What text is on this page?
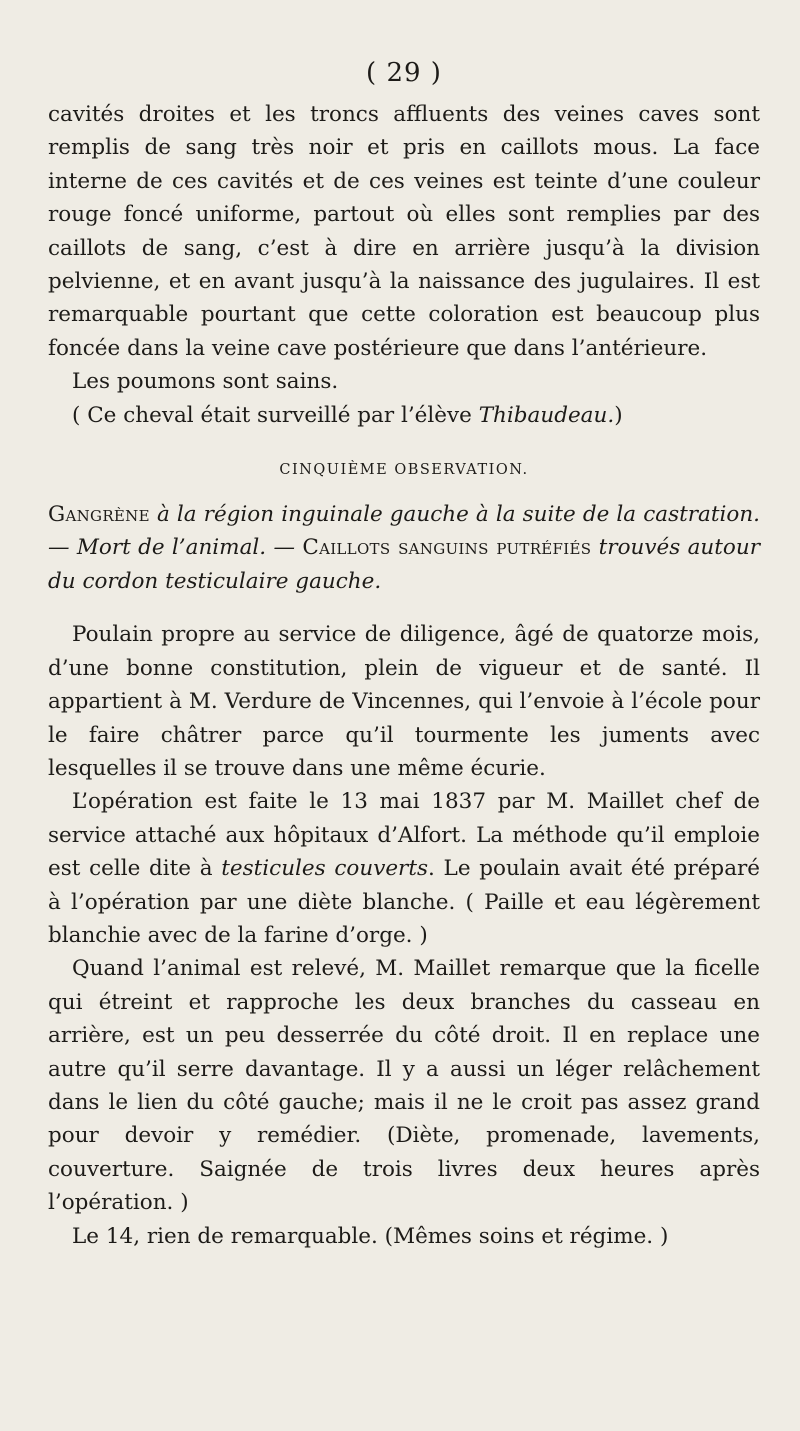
( 29 )

cavités droites et les troncs affluents des veines caves sont remplis de sang très noir et pris en caillots mous. La face interne de ces cavités et de ces veines est teinte d’une couleur rouge foncé uniforme, partout où elles sont remplies par des caillots de sang, c’est à dire en arrière jusqu’à la division pelvienne, et en avant jusqu’à la naissance des jugulaires. Il est remarquable pourtant que cette coloration est beaucoup plus foncée dans la veine cave postérieure que dans l’antérieure.

Les poumons sont sains.

( Ce cheval était surveillé par l’élève Thibaudeau.)

CINQUIÈME OBSERVATION.

Gangrène à la région inguinale gauche à la suite de la castration. — Mort de l’animal. — Caillots sanguins putréfiés trouvés autour du cordon testiculaire gauche.

Poulain propre au service de diligence, âgé de quatorze mois, d’une bonne constitution, plein de vigueur et de santé. Il appartient à M. Verdure de Vincennes, qui l’envoie à l’école pour le faire châtrer parce qu’il tourmente les juments avec lesquelles il se trouve dans une même écurie.

L’opération est faite le 13 mai 1837 par M. Maillet chef de service attaché aux hôpitaux d’Alfort. La méthode qu’il emploie est celle dite à testicules couverts. Le poulain avait été préparé à l’opération par une diète blanche. ( Paille et eau légèrement blanchie avec de la farine d’orge. )

Quand l’animal est relevé, M. Maillet remarque que la ficelle qui étreint et rapproche les deux branches du casseau en arrière, est un peu desserrée du côté droit. Il en replace une autre qu’il serre davantage. Il y a aussi un léger relâchement dans le lien du côté gauche; mais il ne le croit pas assez grand pour devoir y remédier. (Diète, promenade, lavements, couverture. Saignée de trois livres deux heures après l’opération. )

Le 14, rien de remarquable. (Mêmes soins et régime. )
